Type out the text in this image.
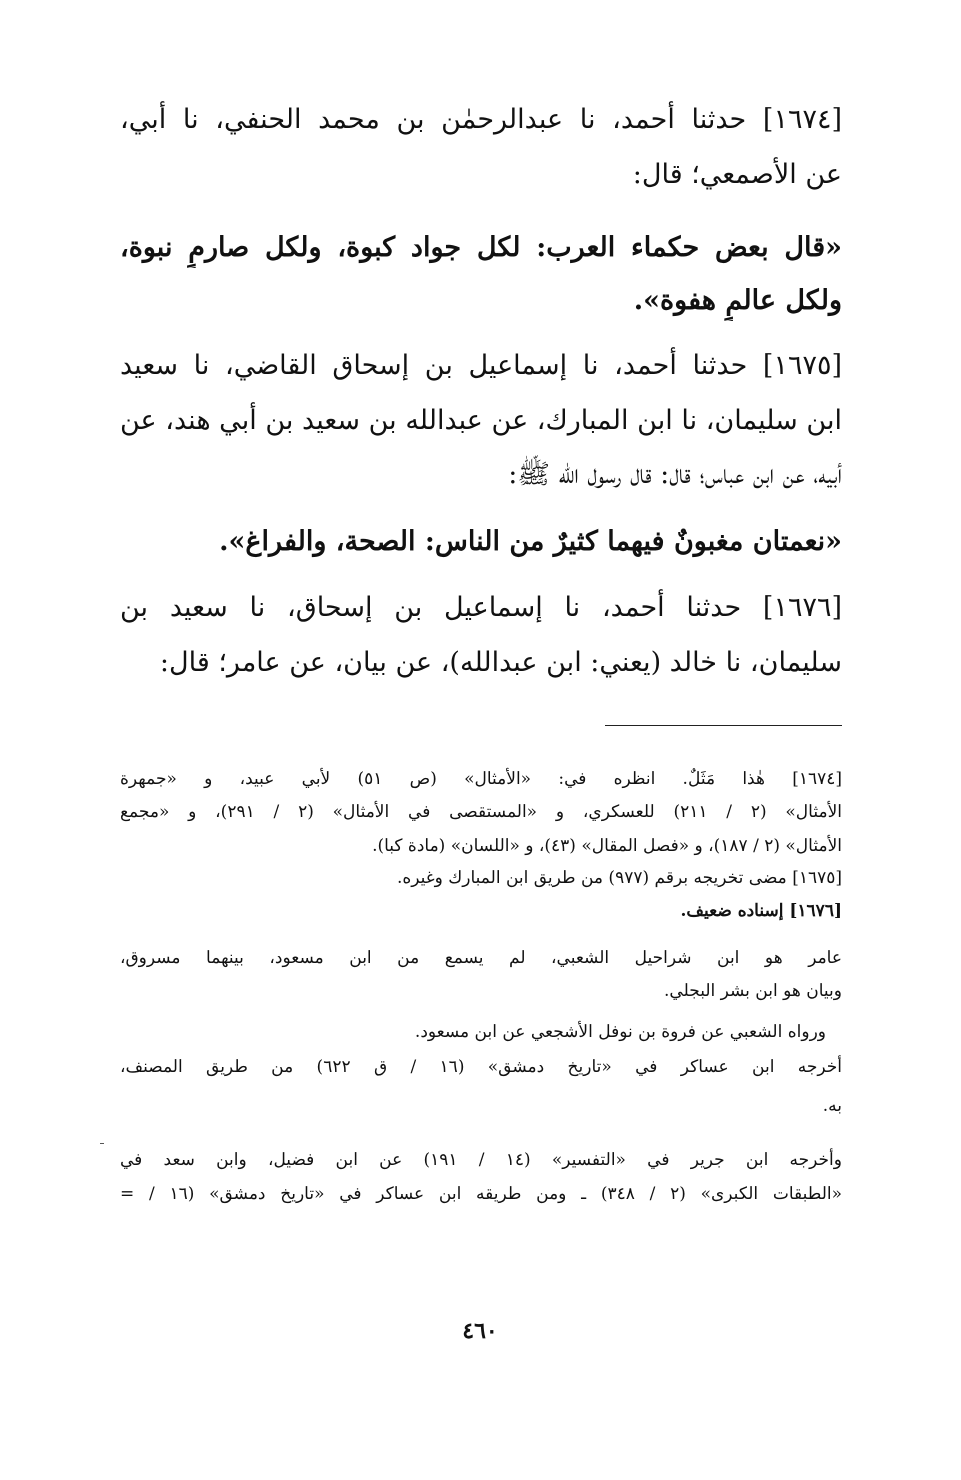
[١٦٧٤] حدثنا أحمد، نا عبدالرحمٰن بن محمد الحنفي، نا أبي،
عن الأصمعي؛ قال:
«قال بعض حكماء العرب: لكل جواد كبوة، ولكل صارمٍ نبوة،
ولكل عالمٍ هفوة».
[١٦٧٥] حدثنا أحمد، نا إسماعيل بن إسحاق القاضي، نا سعيد
ابن سليمان، نا ابن المبارك، عن عبدالله بن سعيد بن أبي هند، عن
أبيه، عن ابن عباس؛ قال: قال رسول الله ﷺ:
«نعمتان مغبونٌ فيهما كثيرٌ من الناس: الصحة، والفراغ».
[١٦٧٦] حدثنا أحمد، نا إسماعيل بن إسحاق، نا سعيد بن
سليمان، نا خالد (يعني: ابن عبدالله)، عن بيان، عن عامر؛ قال:
[١٦٧٤] هٰذا مَثَلٌ. انظره في: «الأمثال» (ص ٥١) لأبي عبيد، و «جمهرة
الأمثال» (٢ / ٢١١) للعسكري، و «المستقصى في الأمثال» (٢ / ٢٩١)، و «مجمع
الأمثال» (٢ / ١٨٧)، و «فصل المقال» (٤٣)، و «اللسان» (مادة كبا).
[١٦٧٥] مضى تخريجه برقم (٩٧٧) من طريق ابن المبارك وغيره.
[١٦٧٦] إسناده ضعيف.
عامر هو ابن شراحيل الشعبي، لم يسمع من ابن مسعود، بينهما مسروق،
وبيان هو ابن بشر البجلي.
ورواه الشعبي عن فروة بن نوفل الأشجعي عن ابن مسعود.
أخرجه ابن عساكر في «تاريخ دمشق» (١٦ / ق ٦٢٢) من طريق المصنف،
به.
وأخرجه ابن جرير في «التفسير» (١٤ / ١٩١) عن ابن فضيل، وابن سعد في
«الطبقات الكبرى» (٢ / ٣٤٨) ـ ومن طريقه ابن عساكر في «تاريخ دمشق» (١٦ / =
٤٦٠
